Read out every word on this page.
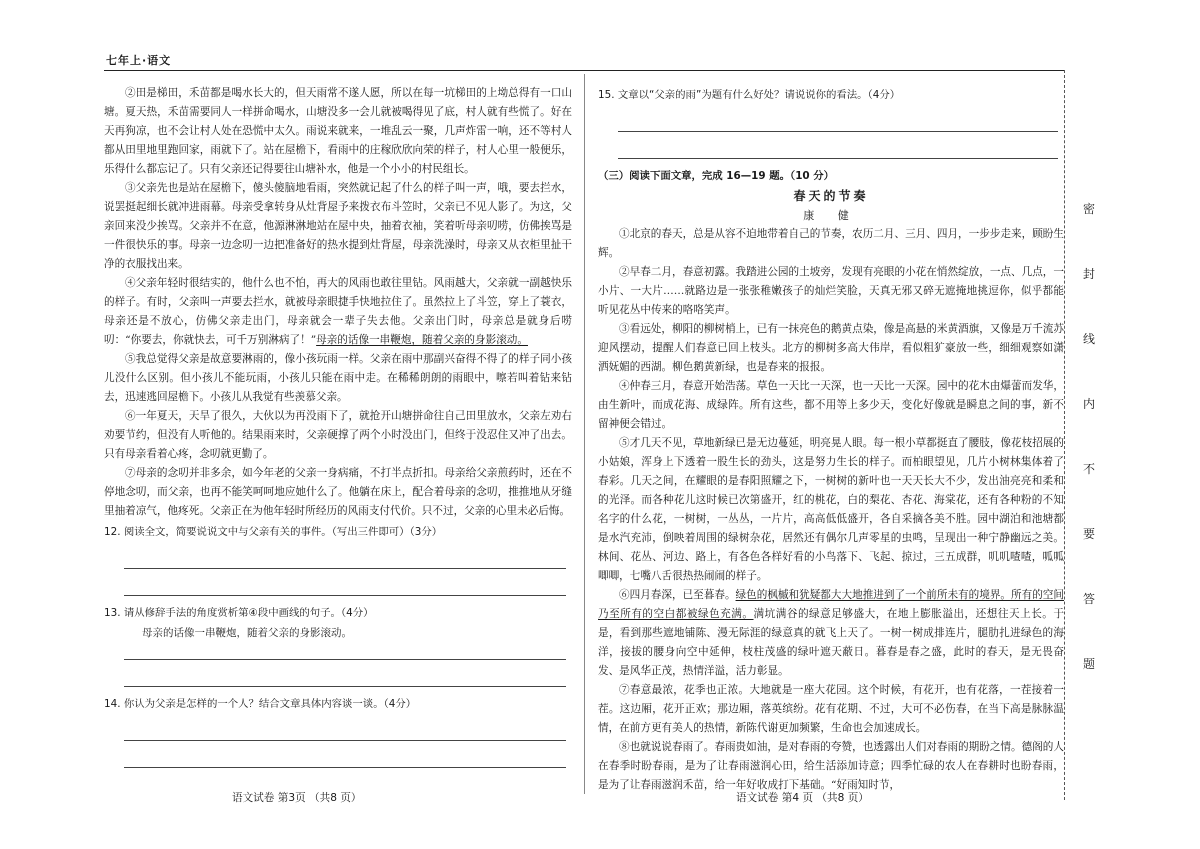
七年上·语文

②田是梯田，禾苗都是喝水长大的，但天雨常不遂人愿，所以在每一坑梯田的上坳总得有一口山塘。夏天热，禾苗需要同人一样拼命喝水，山塘没多一会儿就被喝得见了底，村人就有些慌了。好在天再狗凉，也不会让村人处在恐慌中太久。雨说来就来，一堆乱云一聚，几声炸雷一响，还不等村人都从田里地里跑回家，雨就下了。站在屋檐下，看雨中的庄稼欣欣向荣的样子，村人心里一般便乐，乐得什么都忘记了。只有父亲还记得要往山塘补水，他是一个小小的村民组长。

③父亲先也是站在屋檐下，傻头傻脑地看雨，突然就记起了什么的样子叫一声，哦，要去拦水，说罢挺起细长就冲进雨幕。母亲受拿转身从灶背屋予来拨衣布斗笠时，父亲已不见人影了。为这，父亲回来没少挨骂。父亲并不在意，他源淋淋地站在屋中央，抽着衣袖，笑着听母亲叨唠，仿佛挨骂是一件很快乐的事。母亲一边念叨一边把准备好的热水提到灶背屋，母亲洗澡时，母亲又从衣柜里扯干净的衣服找出来。

④父亲年轻时很结实的，他什么也不怕，再大的风雨也敢往里钻。风雨越大，父亲就一副越快乐的样子。有时，父亲叫一声要去拦水，就被母亲眼捷手快地拉住了。虽然拉上了斗笠，穿上了蓑衣，母亲还是不放心，仿佛父亲走出门，母亲就会一辈子失去他。父亲出门时，母亲总是就身后唠叨：“你要去，你就快去，可千万别淋病了！”母亲的话像一串鞭炮，随着父亲的身影滚动。

⑤我总觉得父亲是故意要淋雨的，像小孩玩雨一样。父亲在雨中那副兴奋得不得了的样子同小孩儿没什么区别。但小孩儿不能玩雨，小孩儿只能在雨中走。在稀稀朗朗的雨眼中，嚓若叫着钻来钻去，迅速逃回屋檐下。小孩儿从我觉有些羡慕父亲。

⑥一年夏天，天旱了很久，大伙以为再没雨下了，就抢开山塘拼命往自己田里放水，父亲左劝右劝要节约，但没有人听他的。结果雨来时，父亲硬撑了两个小时没出门，但终于没忍住又冲了出去。只有母亲看着心疼，念叨就更勤了。

⑦母亲的念叨并非多余，如今年老的父亲一身病痛，不打半点折扣。母亲给父亲煎药时，还在不停地念叨，而父亲，也再不能笑呵呵地应她什么了。他躺在床上，配合着母亲的念叨，推推地从牙缝里抽着凉气，他疼死。父亲正在为他年轻时所经历的风雨支付代价。只不过，父亲的心里未必后悔。

12. 阅读全文，简要说说文中与父亲有关的事件。（写出三件即可）（3分）

13. 请从修辞手法的角度赏析第④段中画线的句子。（4分）

母亲的话像一串鞭炮，随着父亲的身影滚动。

14. 你认为父亲是怎样的一个人？结合文章具体内容谈一谈。（4分）

15. 文章以“父亲的雨”为题有什么好处？请说说你的看法。（4分）

（三）阅读下面文章，完成 16—19 题。（10 分）

春天的节奏

康 健

①北京的春天，总是从容不迫地带着自己的节奏，农历二月、三月、四月，一步步走来，顾盼生辉。

②早春二月，春意初露。我踏进公园的土坡旁，发现有亮眼的小花在悄然绽放，一点、几点，一小片、一大片……就路边是一张张稚嫩孩子的灿烂笑脸，天真无邪又碎无遮掩地挑逗你，似乎都能听见花丛中传来的咯咯笑声。

③看远处，柳阳的柳树梢上，已有一抹亮色的鹅黄点染，像是高悬的米黄酒旗，又像是万千流苏迎风摆动，提醒人们春意已回上枝头。北方的柳树多高大伟岸，看似粗犷豪放一些，细细观察如潇洒妩媚的西湖。柳色鹅黄新绿，也是春来的报报。

④仲春三月，春意开始浩荡。草色一天比一天深，也一天比一天深。园中的花木由爆蕾而发华，由生新叶，而成花海、成绿阵。所有这些，都不用等上多少天，变化好像就是瞬息之间的事，新不留神便会错过。

⑤才几天不见，草地新绿已是无边蔓延，明亮晃人眼。每一根小草都挺直了腰肢，像花枝招展的小姑娘，浑身上下透着一股生长的劲头，这是努力生长的样子。而柏眼望见，几片小树林集体着了春彩。几天之间，在耀眼的是春阳照耀之下，一树树的新叶也一天天长大不少，发出油亮亮和柔和的光泽。而各种花儿这时候已次第盛开，红的桃花，白的梨花、杏花、海棠花，还有各种粉的不知名字的什么花，一树树，一丛丛，一片片，高高低低盛开，各自采摘各美不胜。园中湖泊和池塘都是水汽充沛，倒映着周围的绿树杂花，居然还有偶尔几声零星的虫鸣，呈现出一种宁静幽远之美。林间、花丛、河边、路上，有各色各样好看的小鸟落下、飞起、掠过，三五成群，叽叽喳喳，呱呱唧唧，七嘴八舌很热热闹闹的样子。

⑥四月春深，已至暮春。绿色的枫槭和犹疑都大大地推进到了一个前所未有的境界。所有的空间乃至所有的空白都被绿色充满。满坑满谷的绿意足够盛大，在地上膨胀溢出，还想往天上长。于是，看到那些遮地铺陈、漫无际涯的绿意真的就飞上天了。一树一树成排连片，腿肋扎进绿色的海洋，接拔的腰身向空中延伸，枝柱茂盛的绿叶遮天蔽日。暮春是春之盛，此时的春天，是无畏奋发、是风华正茂，热情洋溢，活力彰显。

⑦春意最浓，花季也正浓。大地就是一座大花园。这个时候，有花开，也有花落，一茬接着一茬。这边厢，花开正欢；那边厢，落英缤纷。花有花期、不过，大可不必伤春，在当下高是脉脉温情，在前方更有美人的热情，新陈代谢更加频繁，生命也会加速成长。

⑧也就说说春雨了。春雨贵如油，是对春雨的夸赞，也透露出人们对春雨的期盼之情。德阁的人在春季时盼春雨，是为了让春雨滋润心田，给生活添加诗意；四季忙碌的农人在春耕时也盼春雨，是为了让春雨滋润禾苗，给一年好收成打下基础。“好雨知时节，

语文试卷 第3页 （共8 页）	语文试卷 第4 页 （共8 页）
密
封
线
内
不
要
答
题
